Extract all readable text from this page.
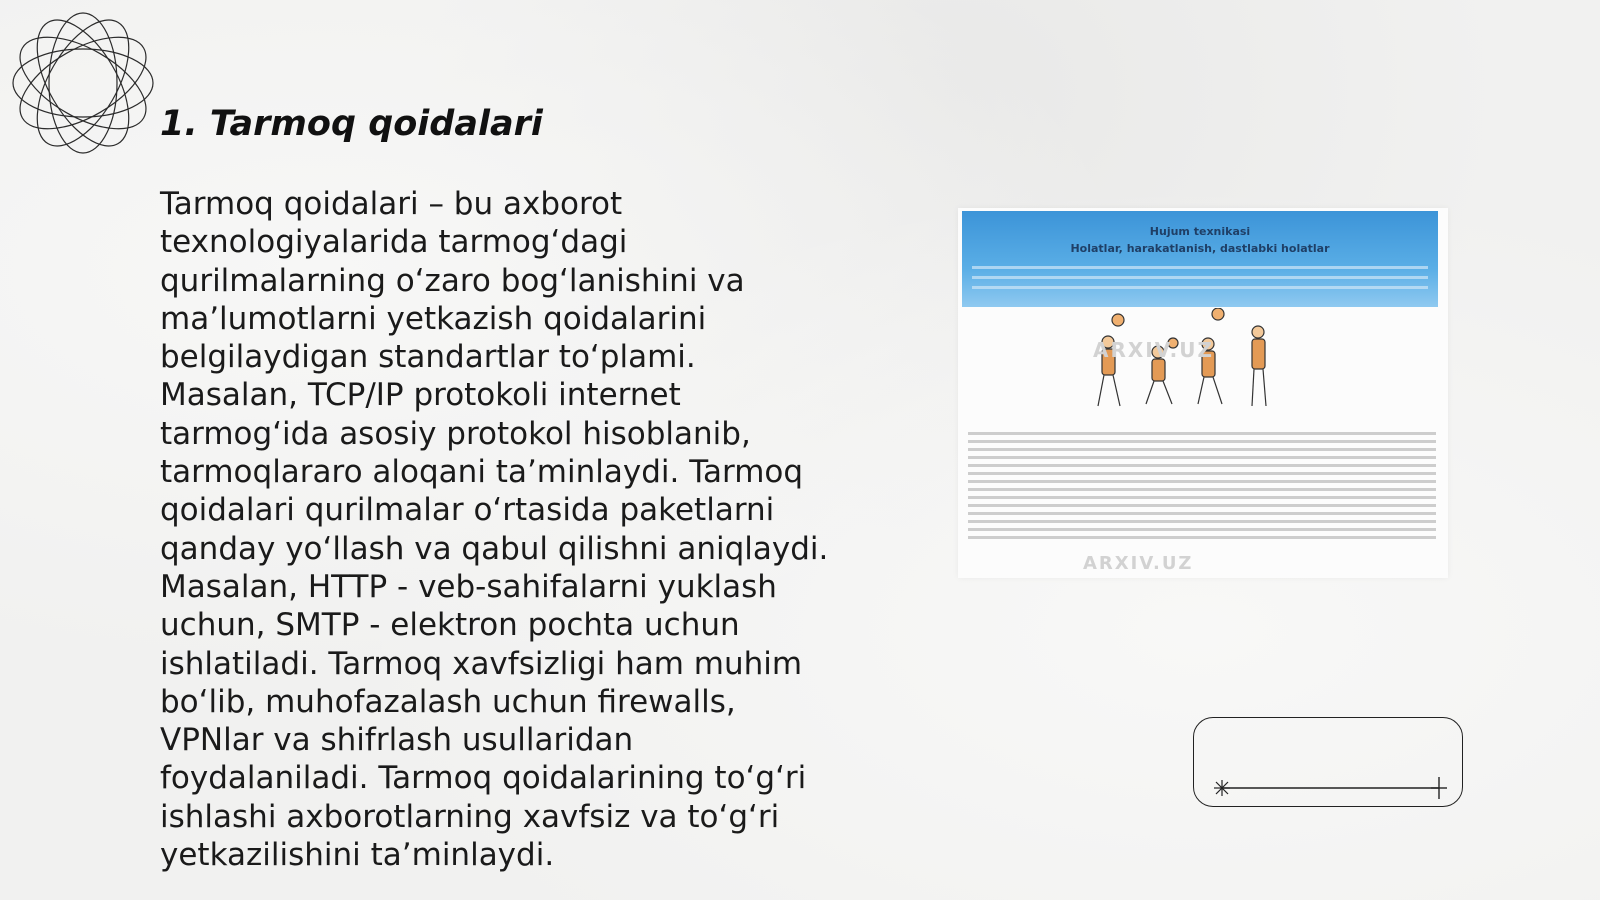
1. Tarmoq qoidalari

Tarmoq qoidalari – bu axborot texnologiyalarida tarmog‘dagi qurilmalarning o‘zaro bog‘lanishini va ma’lumotlarni yetkazish qoidalarini belgilaydigan standartlar to‘plami. Masalan, TCP/IP protokoli internet tarmog‘ida asosiy protokol hisoblanib, tarmoqlararo aloqani ta’minlaydi. Tarmoq qoidalari qurilmalar o‘rtasida paketlarni qanday yo‘llash va qabul qilishni aniqlaydi. Masalan, HTTP - veb-sahifalarni yuklash uchun, SMTP - elektron pochta uchun ishlatiladi. Tarmoq xavfsizligi ham muhim bo‘lib, muhofazalash uchun firewalls, VPNlar va shifrlash usullaridan foydalaniladi. Tarmoq qoidalarining to‘g‘ri ishlashi axborotlarning xavfsiz va to‘g‘ri yetkazilishini ta’minlaydi.

Hujum texnikasi
Holatlar, harakatlanish, dastlabki holatlar
ARXIV.UZ
ARXIV.UZ
